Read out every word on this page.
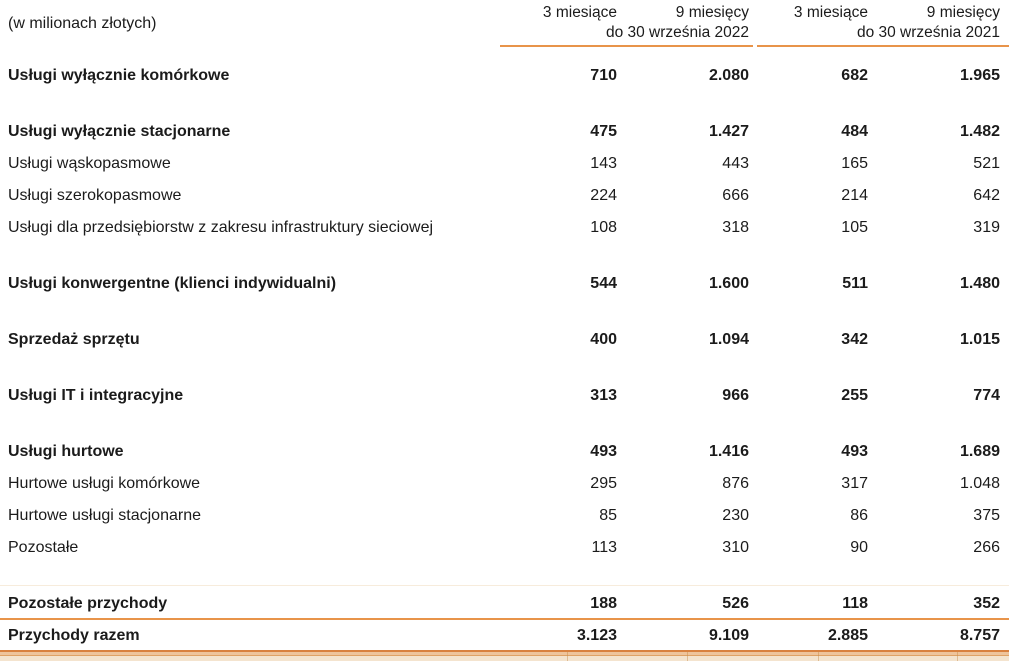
(w milionach złotych)
3 miesiące	9 miesięcy	3 miesiące	9 miesięcy
do 30 września 2022	do 30 września 2021
Usługi wyłącznie komórkowe	710	2.080	682	1.965
Usługi wyłącznie stacjonarne	475	1.427	484	1.482
Usługi wąskopasmowe	143	443	165	521
Usługi szerokopasmowe	224	666	214	642
Usługi dla przedsiębiorstw z zakresu infrastruktury sieciowej	108	318	105	319
Usługi konwergentne (klienci indywidualni)	544	1.600	511	1.480
Sprzedaż sprzętu	400	1.094	342	1.015
Usługi IT i integracyjne	313	966	255	774
Usługi hurtowe	493	1.416	493	1.689
Hurtowe usługi komórkowe	295	876	317	1.048
Hurtowe usługi stacjonarne	85	230	86	375
Pozostałe	113	310	90	266
Pozostałe przychody	188	526	118	352
Przychody razem	3.123	9.109	2.885	8.757
